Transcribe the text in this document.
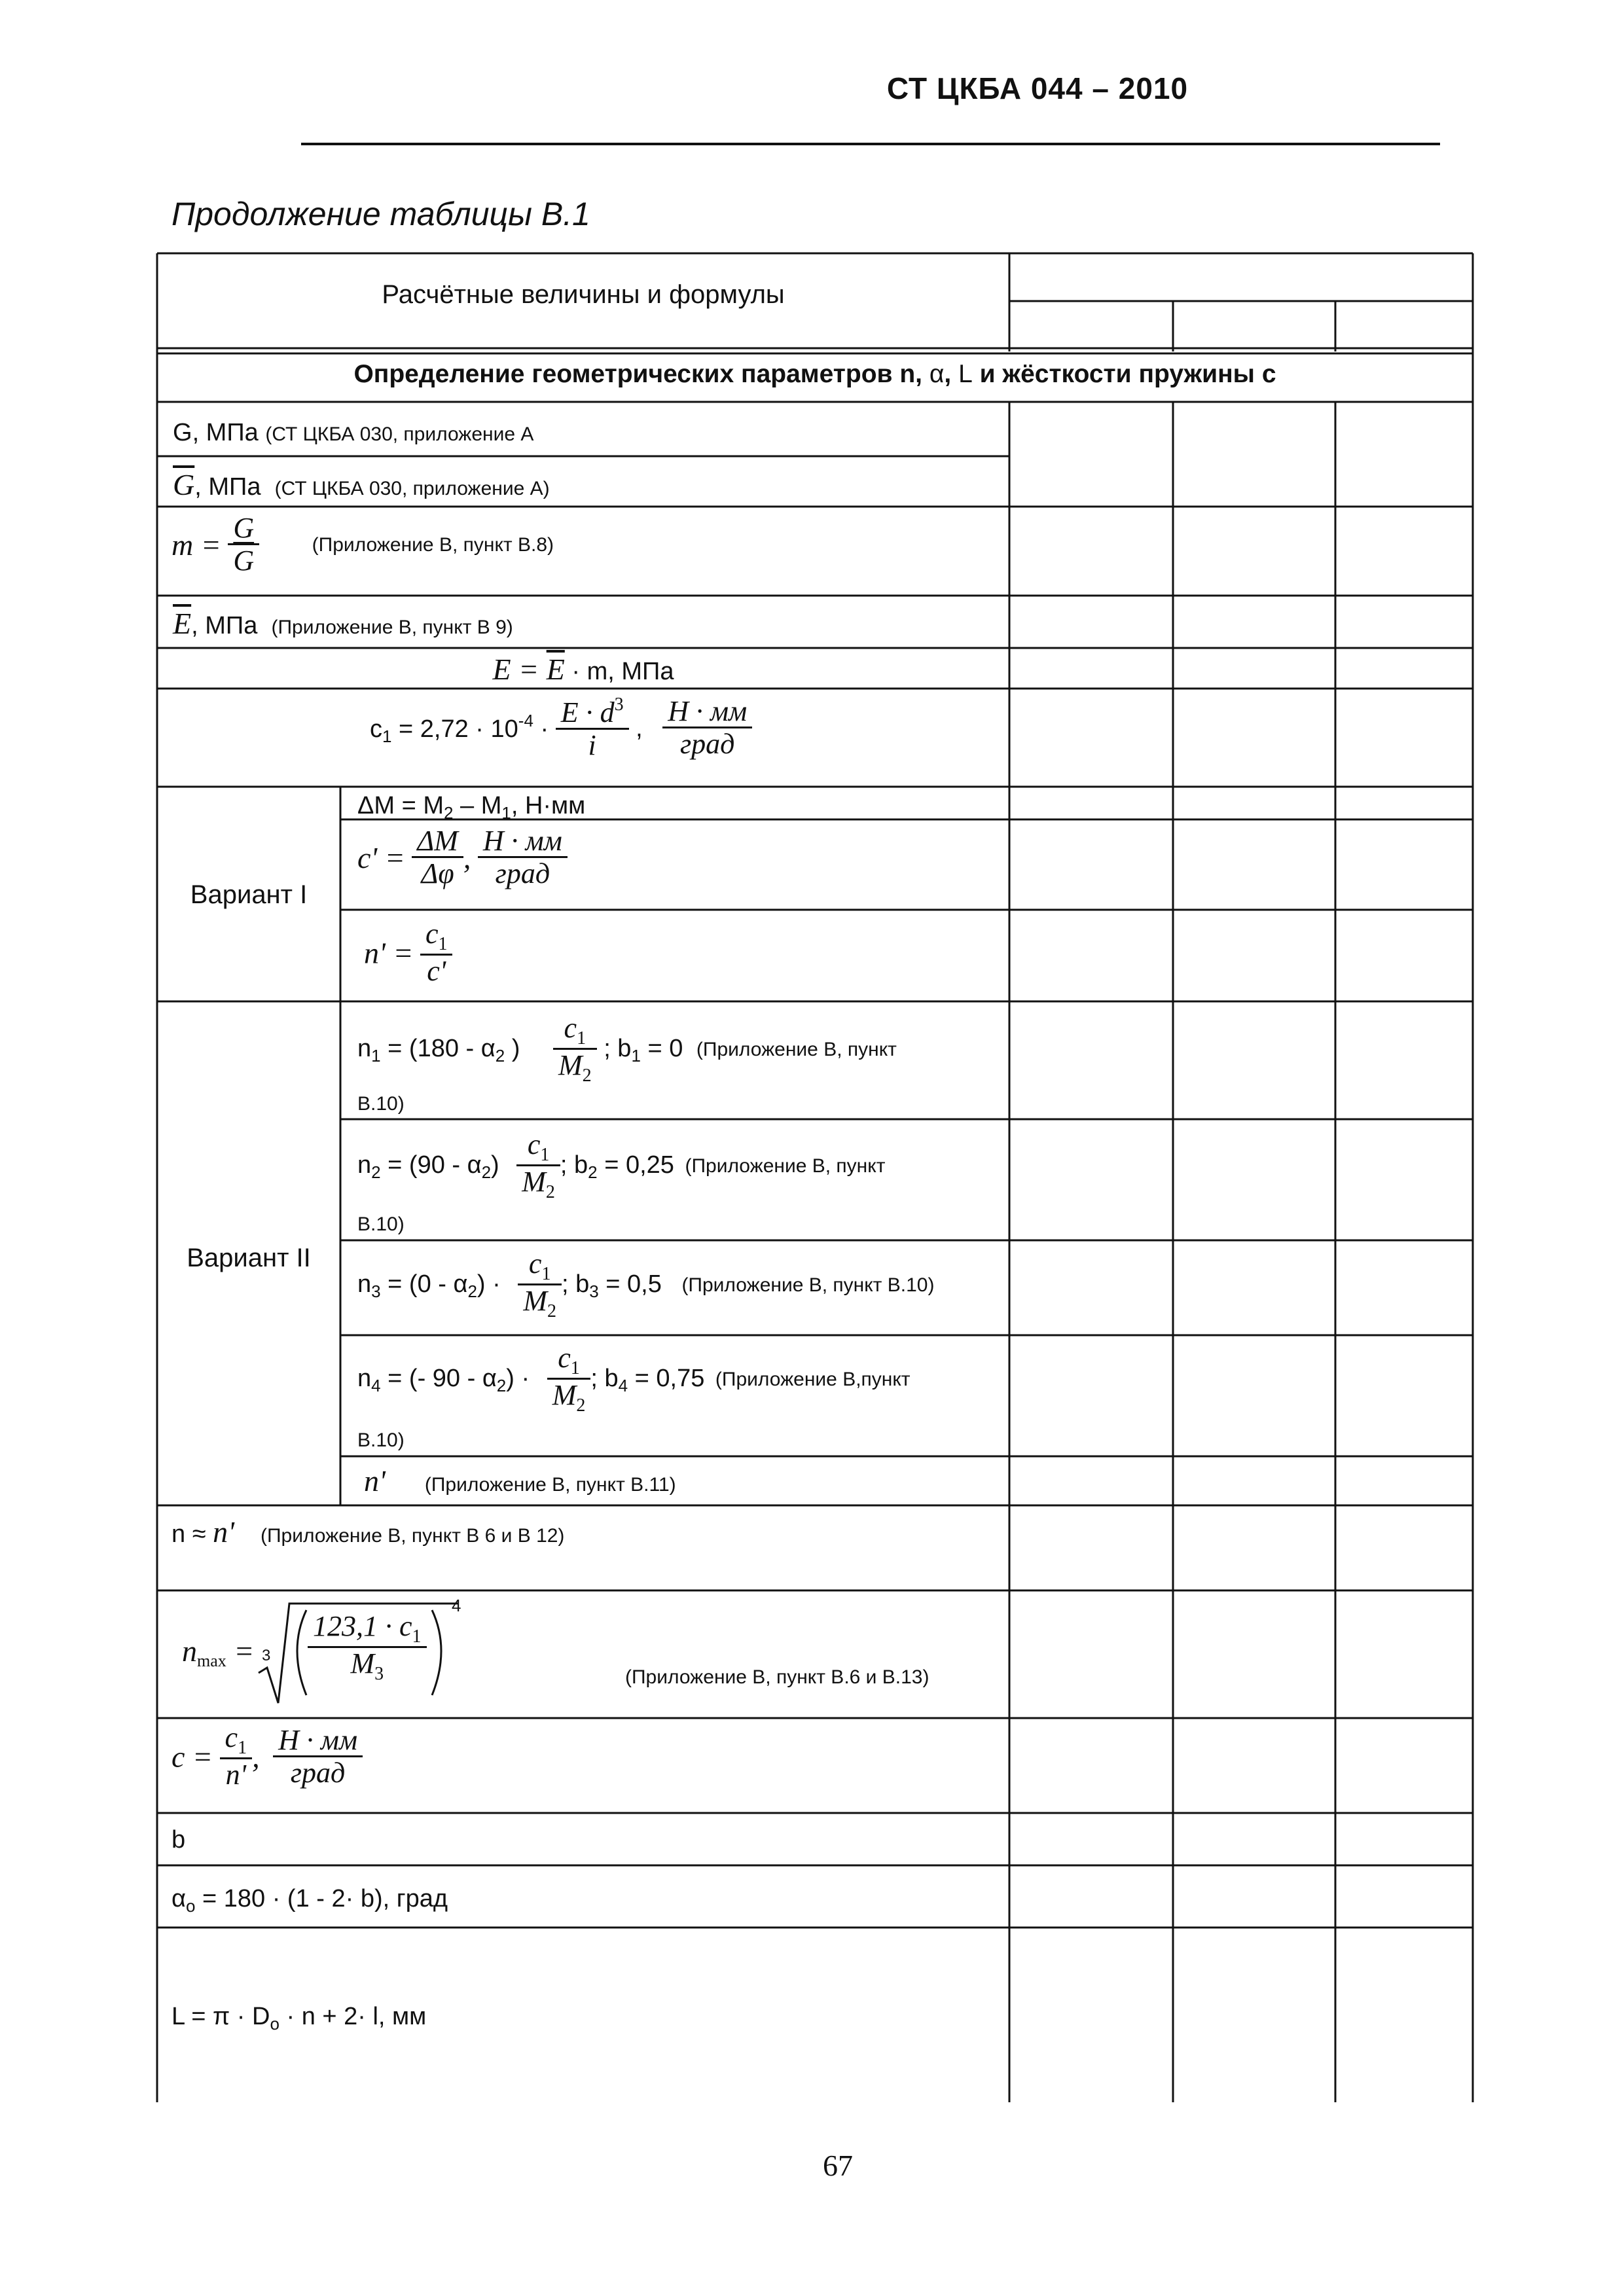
СТ ЦКБА 044 – 2010
Продолжение таблицы В.1
Расчётные величины и формулы
Определение геометрических параметров n, α, L и жёсткости пружины с
G, МПа (СТ ЦКБА 030, приложение А
$\overline{G}$, МПа (СТ ЦКБА 030, приложение А)
$m = \frac{G}{G}$	(Приложение В, пункт В.8)
$\overline{E}$, МПа (Приложение В, пункт В 9)
$E = \overline{E} \cdot m$, МПа
$c_1 = 2,72 \cdot 10^{-4} \cdot \frac{E \cdot d^3}{i}$ , $\frac{H \cdot мм}{\text{град}}$
Вариант I
$\Delta M = M_2 - M_1$, Н·мм
$c' = \frac{\Delta M}{\Delta\varphi}$ , $\frac{H \cdot мм}{\text{град}}$
$n' = \frac{c_1}{c'}$
Вариант II
$n_1 = (180 - \alpha_2$ ) $\frac{c_1}{M_2}$ ; $b_1 = 0$ (Приложение В, пункт
В.10)
$n_2 = (90 - \alpha_2) \frac{c_1}{M_2}$ ; $b_2 = 0,25$ (Приложение В, пункт
В.10)
$n_3 = (0 - \alpha_2) \cdot \frac{c_1}{M_2}$ ; $b_3 = 0,5$ (Приложение В, пункт В.10)
$n_4$ = (- $90 - \alpha_2) \cdot \frac{c_1}{M_2}$ ; $b_4 = 0,75$ (Приложение В,пункт
В.10)
n' (Приложение В, пункт В.11)
n ≈ n' (Приложение В, пункт В 6 и В 12)
$n_{max} = 3 \frac{123,1 \cdot c_1}{M_3}$
4
(Приложение В, пункт В.6 и В.13)
$c = \frac{c_1}{n'}$ , $\frac{H \cdot мм}{\text{град}}$
b
$\alpha_o = 180 \cdot (1 - 2\cdot b)$, град
$L = \pi \cdot D_o \cdot n + 2\cdot l$, мм
67
